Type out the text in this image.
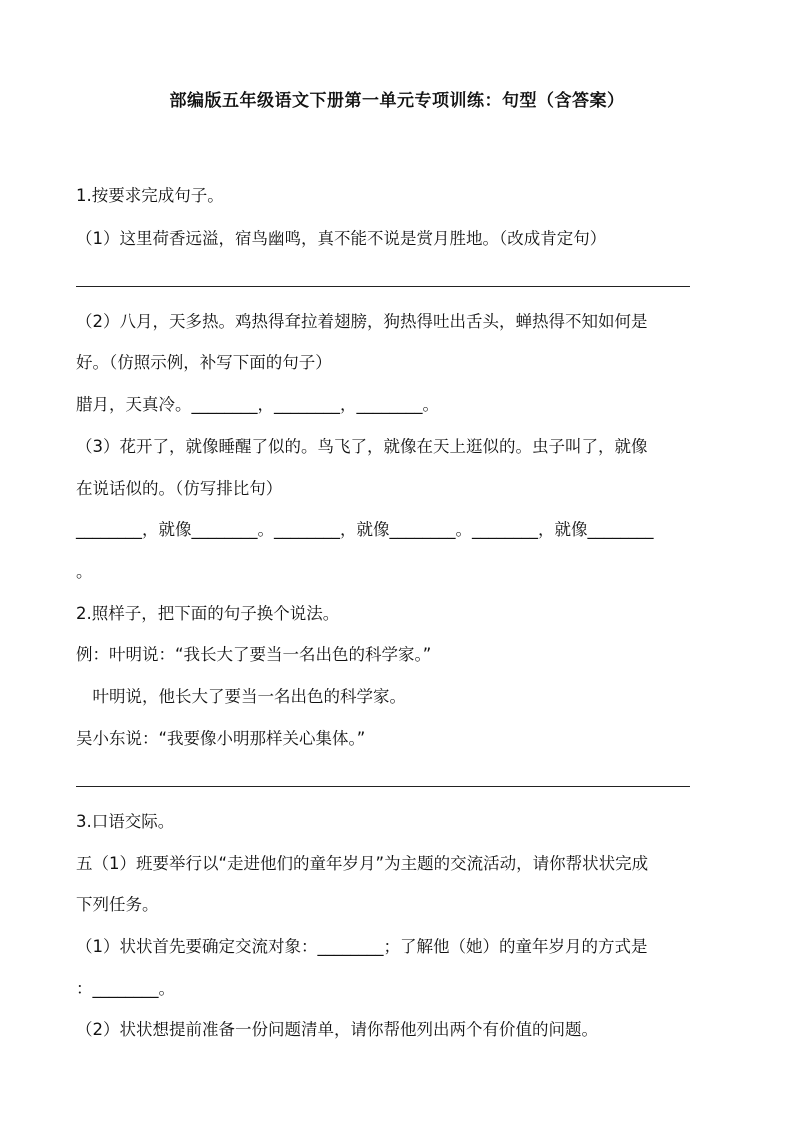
部编版五年级语文下册第一单元专项训练：句型（含答案）
1.按要求完成句子。
（1）这里荷香远溢，宿鸟幽鸣，真不能不说是赏月胜地。（改成肯定句）
（2）八月，天多热。鸡热得耷拉着翅膀，狗热得吐出舌头，蝉热得不知如何是
好。（仿照示例，补写下面的句子）
腊月，天真冷。________，________，________。
（3）花开了，就像睡醒了似的。鸟飞了，就像在天上逛似的。虫子叫了，就像
在说话似的。（仿写排比句）
________，就像________。________，就像________。________，就像________
。
2.照样子，把下面的句子换个说法。
例：叶明说：“我长大了要当一名出色的科学家。”
　叶明说，他长大了要当一名出色的科学家。
吴小东说：“我要像小明那样关心集体。”
3.口语交际。
五（1）班要举行以“走进他们的童年岁月”为主题的交流活动，请你帮状状完成
下列任务。
（1）状状首先要确定交流对象：________；了解他（她）的童年岁月的方式是
：________。
（2）状状想提前准备一份问题清单，请你帮他列出两个有价值的问题。
